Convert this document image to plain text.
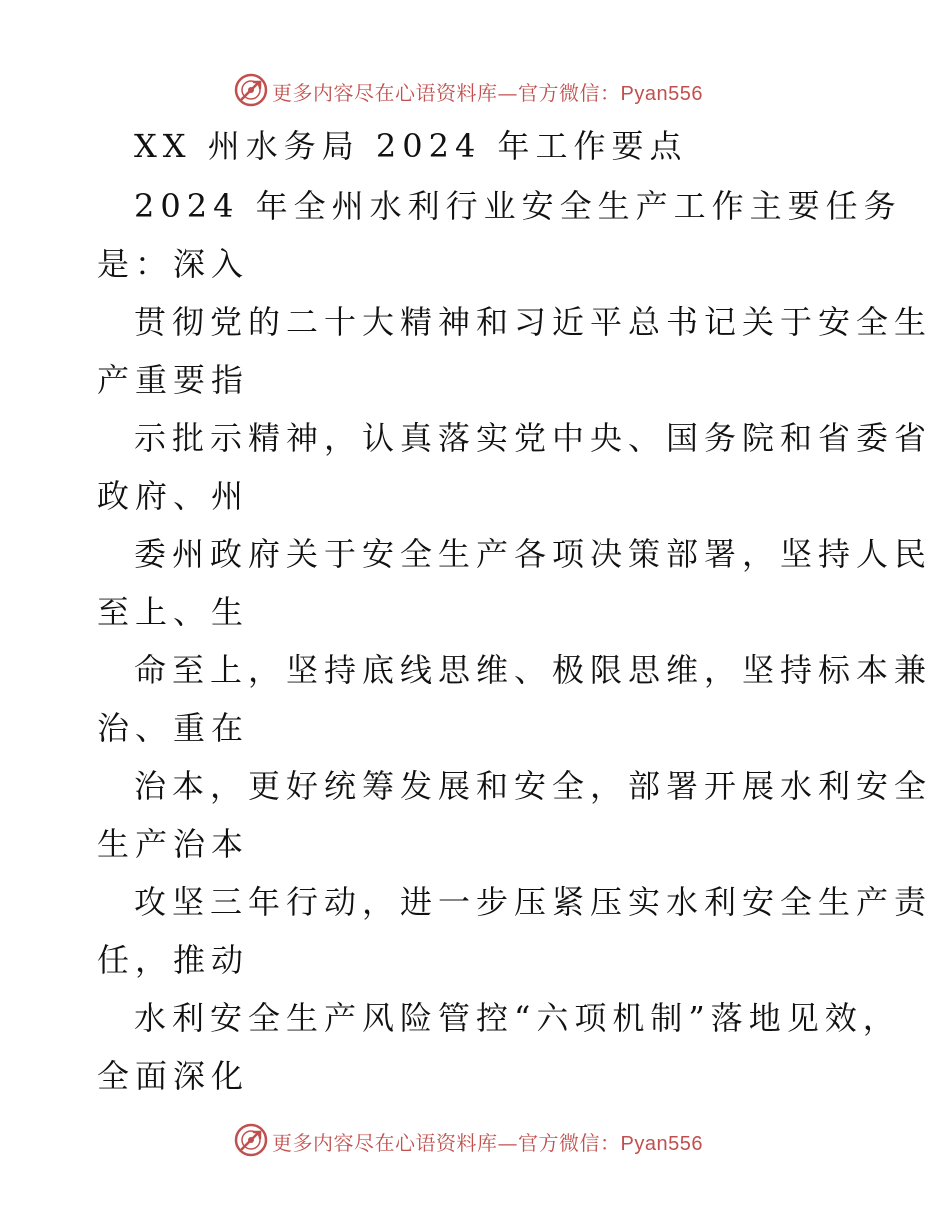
更多内容尽在心语资料库—官方微信：Pyan556
XX 州水务局 2024 年工作要点
2024 年全州水利行业安全生产工作主要任务
是：深入
贯彻党的二十大精神和习近平总书记关于安全生
产重要指
示批示精神，认真落实党中央、国务院和省委省
政府、州
委州政府关于安全生产各项决策部署，坚持人民
至上、生
命至上，坚持底线思维、极限思维，坚持标本兼
治、重在
治本，更好统筹发展和安全，部署开展水利安全
生产治本
攻坚三年行动，进一步压紧压实水利安全生产责
任，推动
水利安全生产风险管控“六项机制”落地见效，
全面深化
更多内容尽在心语资料库—官方微信：Pyan556
